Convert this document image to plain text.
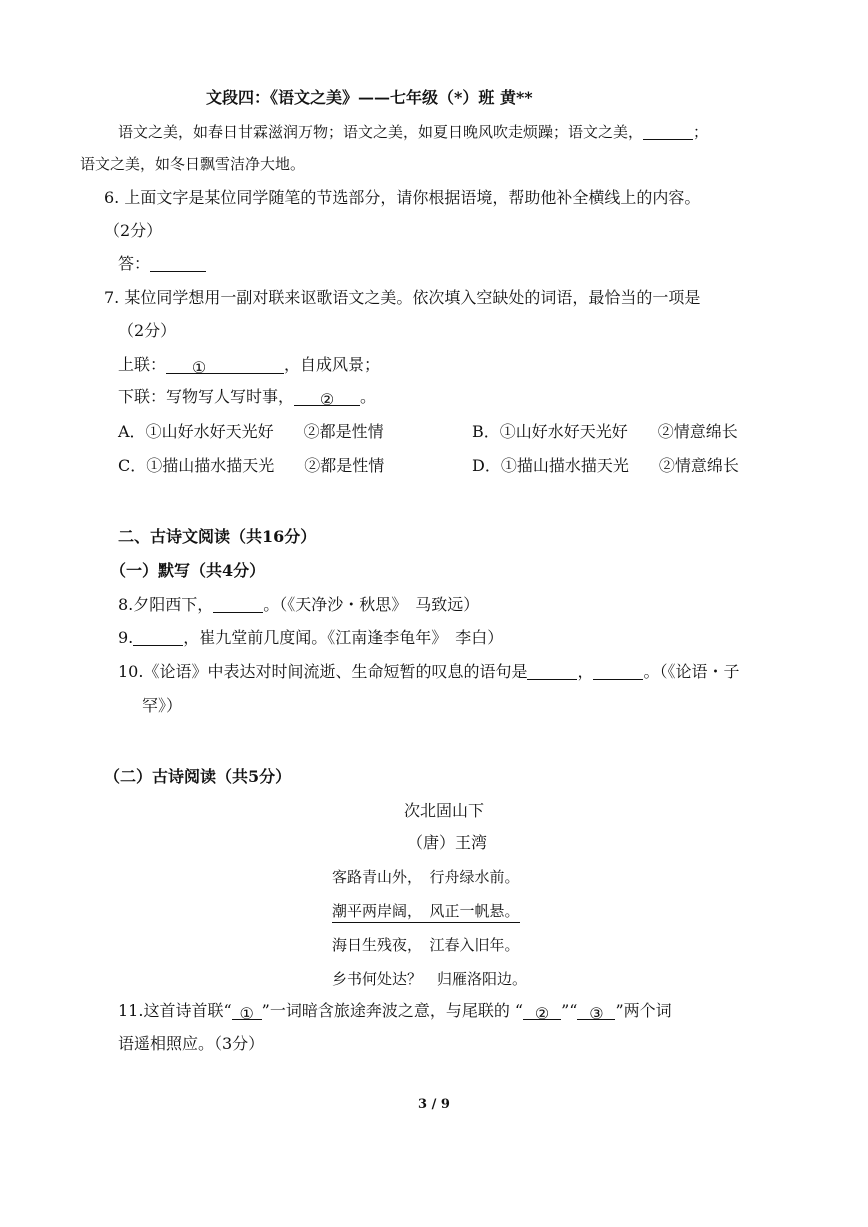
文段四：《语文之美》——七年级（*）班 黄**
语文之美，如春日甘霖滋润万物；语文之美，如夏日晚风吹走烦躁；语文之美，	；
语文之美，如冬日飘雪洁净大地。
6. 上面文字是某位同学随笔的节选部分，请你根据语境，帮助他补全横线上的内容。
（2分）
答：
7. 某位同学想用一副对联来讴歌语文之美。依次填入空缺处的词语，最恰当的一项是
（2分）
上联： ①	，自成风景；
下联：写物写人写时事， ② 。
A．①山好水好天光好 ②都是性情	B．①山好水好天光好 ②情意绵长
C．①描山描水描天光 ②都是性情	D．①描山描水描天光 ②情意绵长
二、古诗文阅读（共16分）
（一）默写（共4分）
8.夕阳西下，	。（《天净沙・秋思》　马致远）
9.	，崔九堂前几度闻。《江南逢李龟年》　李白）
10.《论语》中表达对时间流逝、生命短暂的叹息的语句是	，	。（《论语・子
罕》）
（二）古诗阅读（共5分）
次北固山下
（唐）王湾
客路青山外，　行舟绿水前。
潮平两岸阔，　风正一帆悬。
海日生残夜，　江春入旧年。
乡书何处达？　归雁洛阳边。
11.这首诗首联“ ① ”一词暗含旅途奔波之意，与尾联的 “ ② ”“ ③ ”两个词
语遥相照应。（3分）
3 / 9
